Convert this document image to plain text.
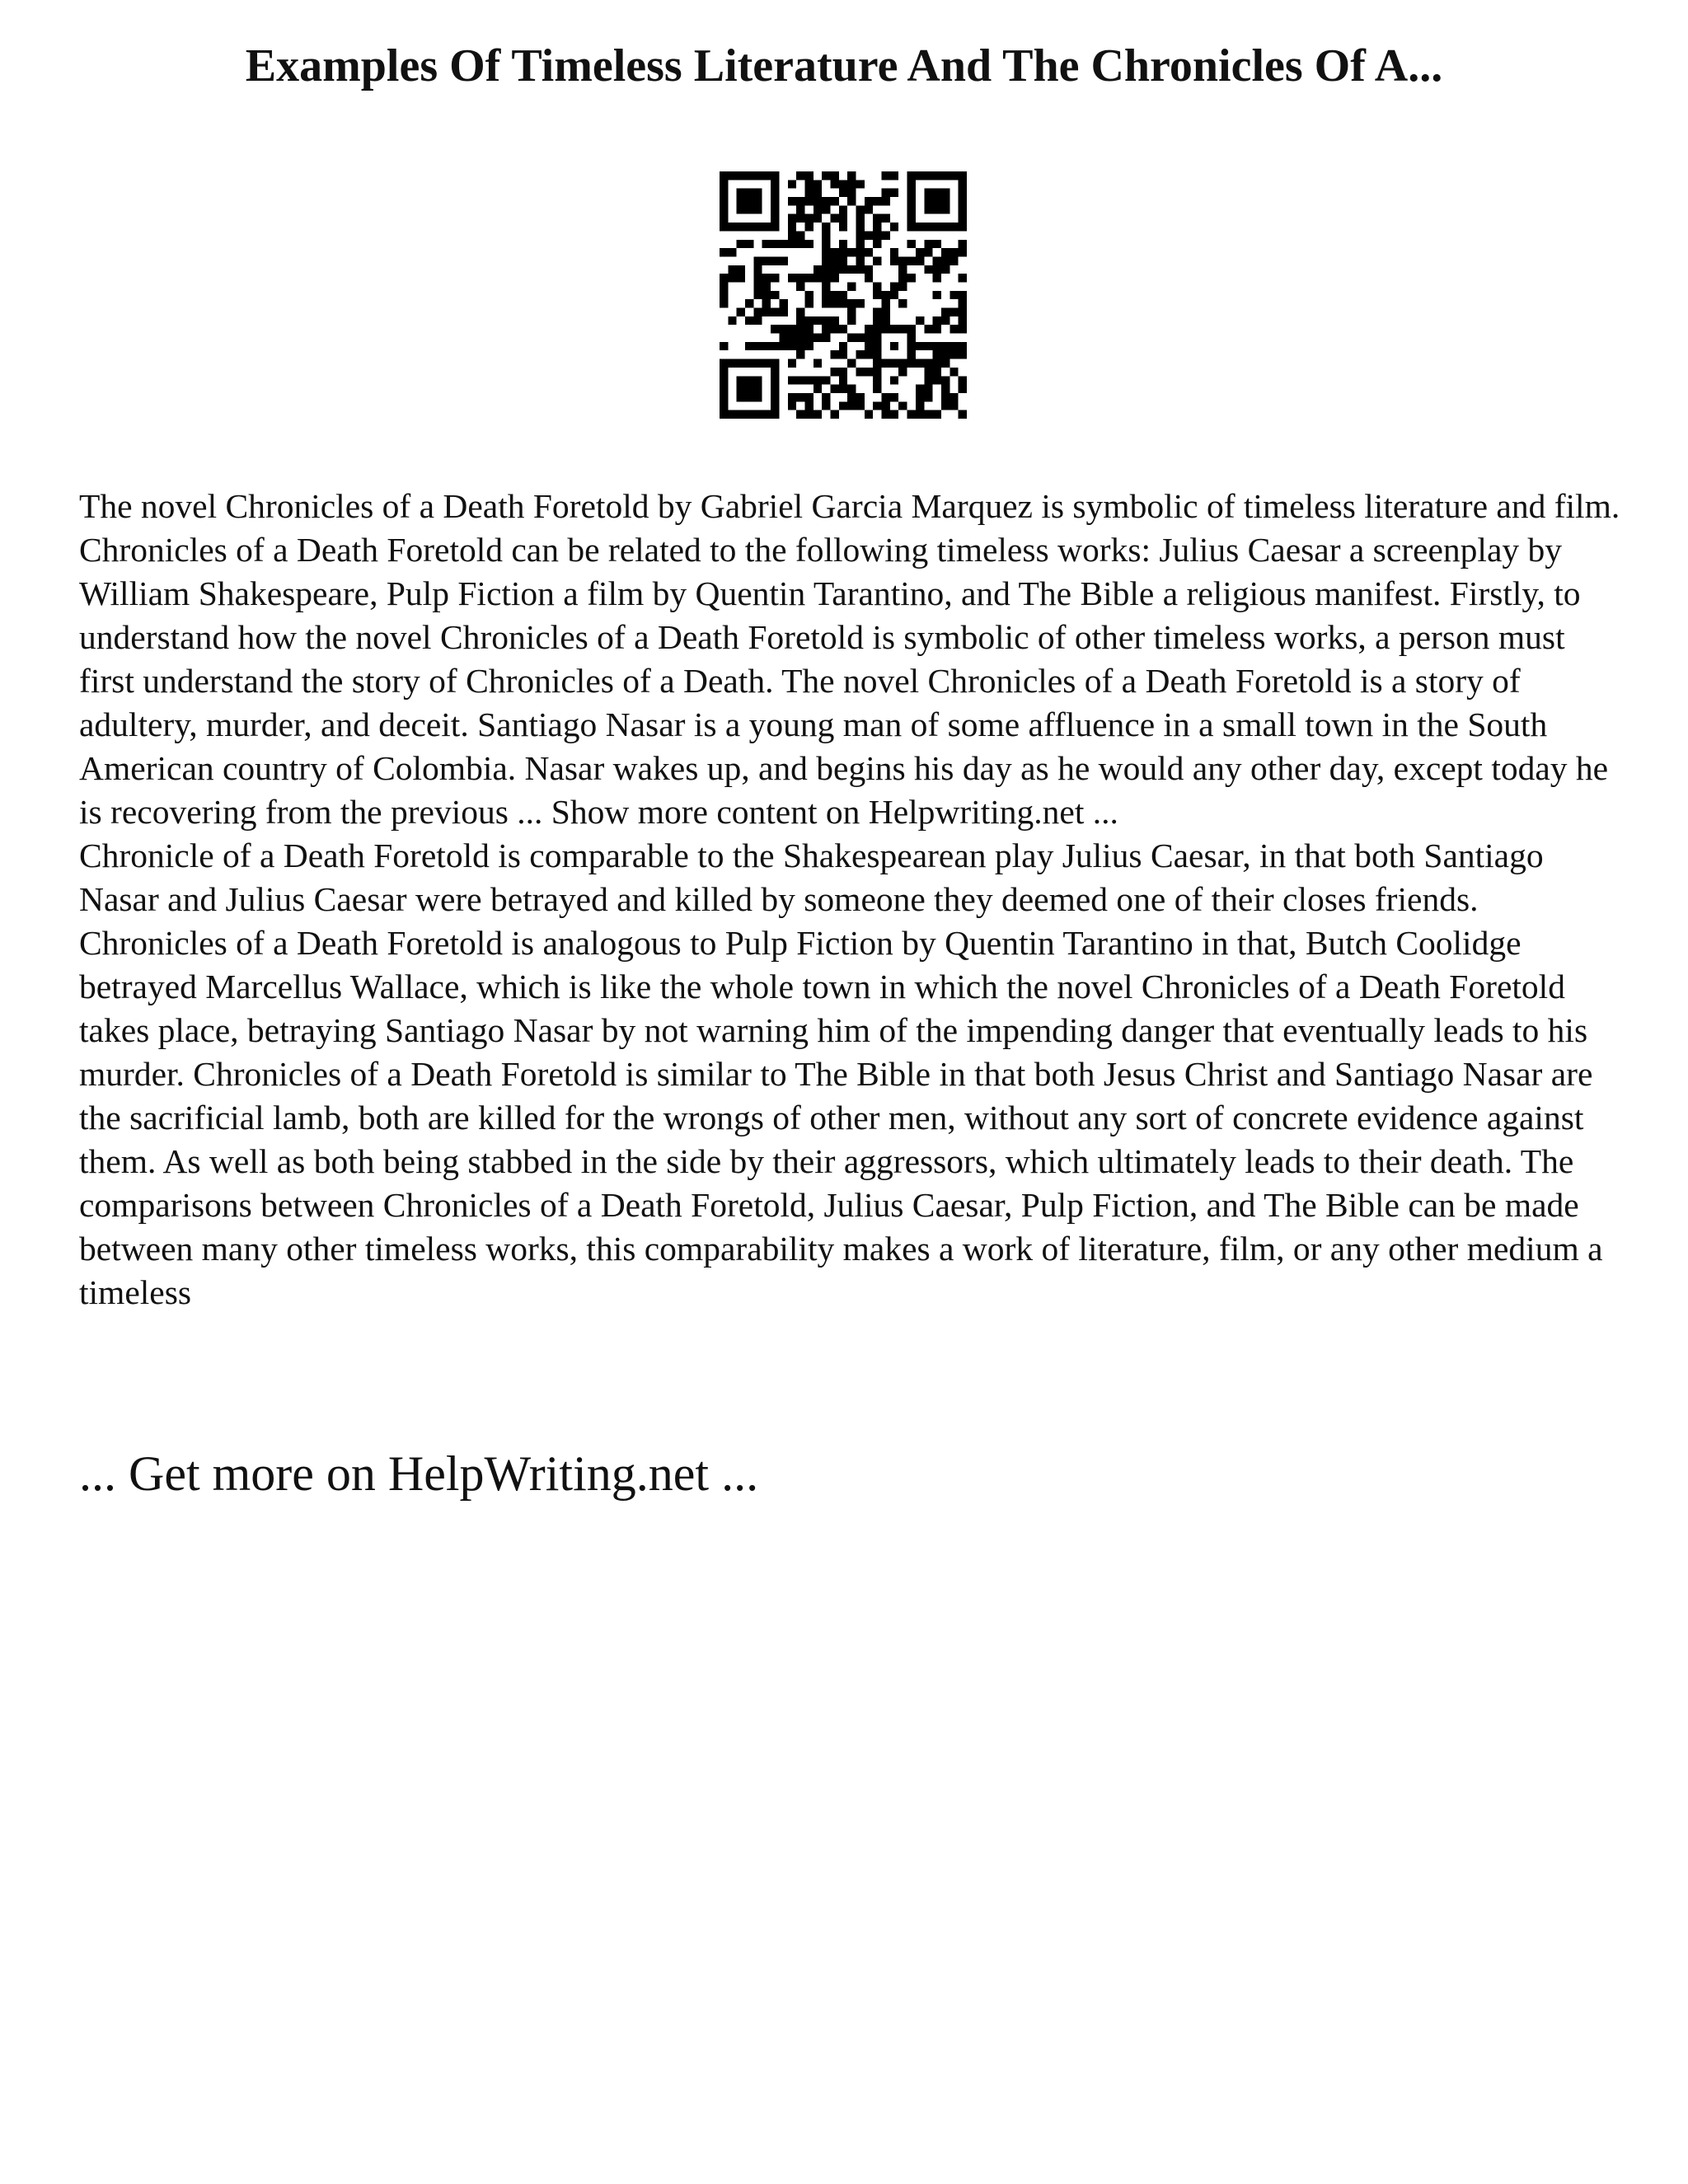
Examples Of Timeless Literature And The Chronicles Of A...

The novel Chronicles of a Death Foretold by Gabriel Garcia Marquez is symbolic of timeless literature and film. Chronicles of a Death Foretold can be related to the following timeless works: Julius Caesar a screenplay by William Shakespeare, Pulp Fiction a film by Quentin Tarantino, and The Bible a religious manifest. Firstly, to understand how the novel Chronicles of a Death Foretold is symbolic of other timeless works, a person must first understand the story of Chronicles of a Death. The novel Chronicles of a Death Foretold is a story of adultery, murder, and deceit. Santiago Nasar is a young man of some affluence in a small town in the South American country of Colombia. Nasar wakes up, and begins his day as he would any other day, except today he is recovering from the previous ... Show more content on Helpwriting.net ...

Chronicle of a Death Foretold is comparable to the Shakespearean play Julius Caesar, in that both Santiago Nasar and Julius Caesar were betrayed and killed by someone they deemed one of their closes friends. Chronicles of a Death Foretold is analogous to Pulp Fiction by Quentin Tarantino in that, Butch Coolidge betrayed Marcellus Wallace, which is like the whole town in which the novel Chronicles of a Death Foretold takes place, betraying Santiago Nasar by not warning him of the impending danger that eventually leads to his murder. Chronicles of a Death Foretold is similar to The Bible in that both Jesus Christ and Santiago Nasar are the sacrificial lamb, both are killed for the wrongs of other men, without any sort of concrete evidence against them. As well as both being stabbed in the side by their aggressors, which ultimately leads to their death. The comparisons between Chronicles of a Death Foretold, Julius Caesar, Pulp Fiction, and The Bible can be made between many other timeless works, this comparability makes a work of literature, film, or any other medium a timeless

... Get more on HelpWriting.net ...
